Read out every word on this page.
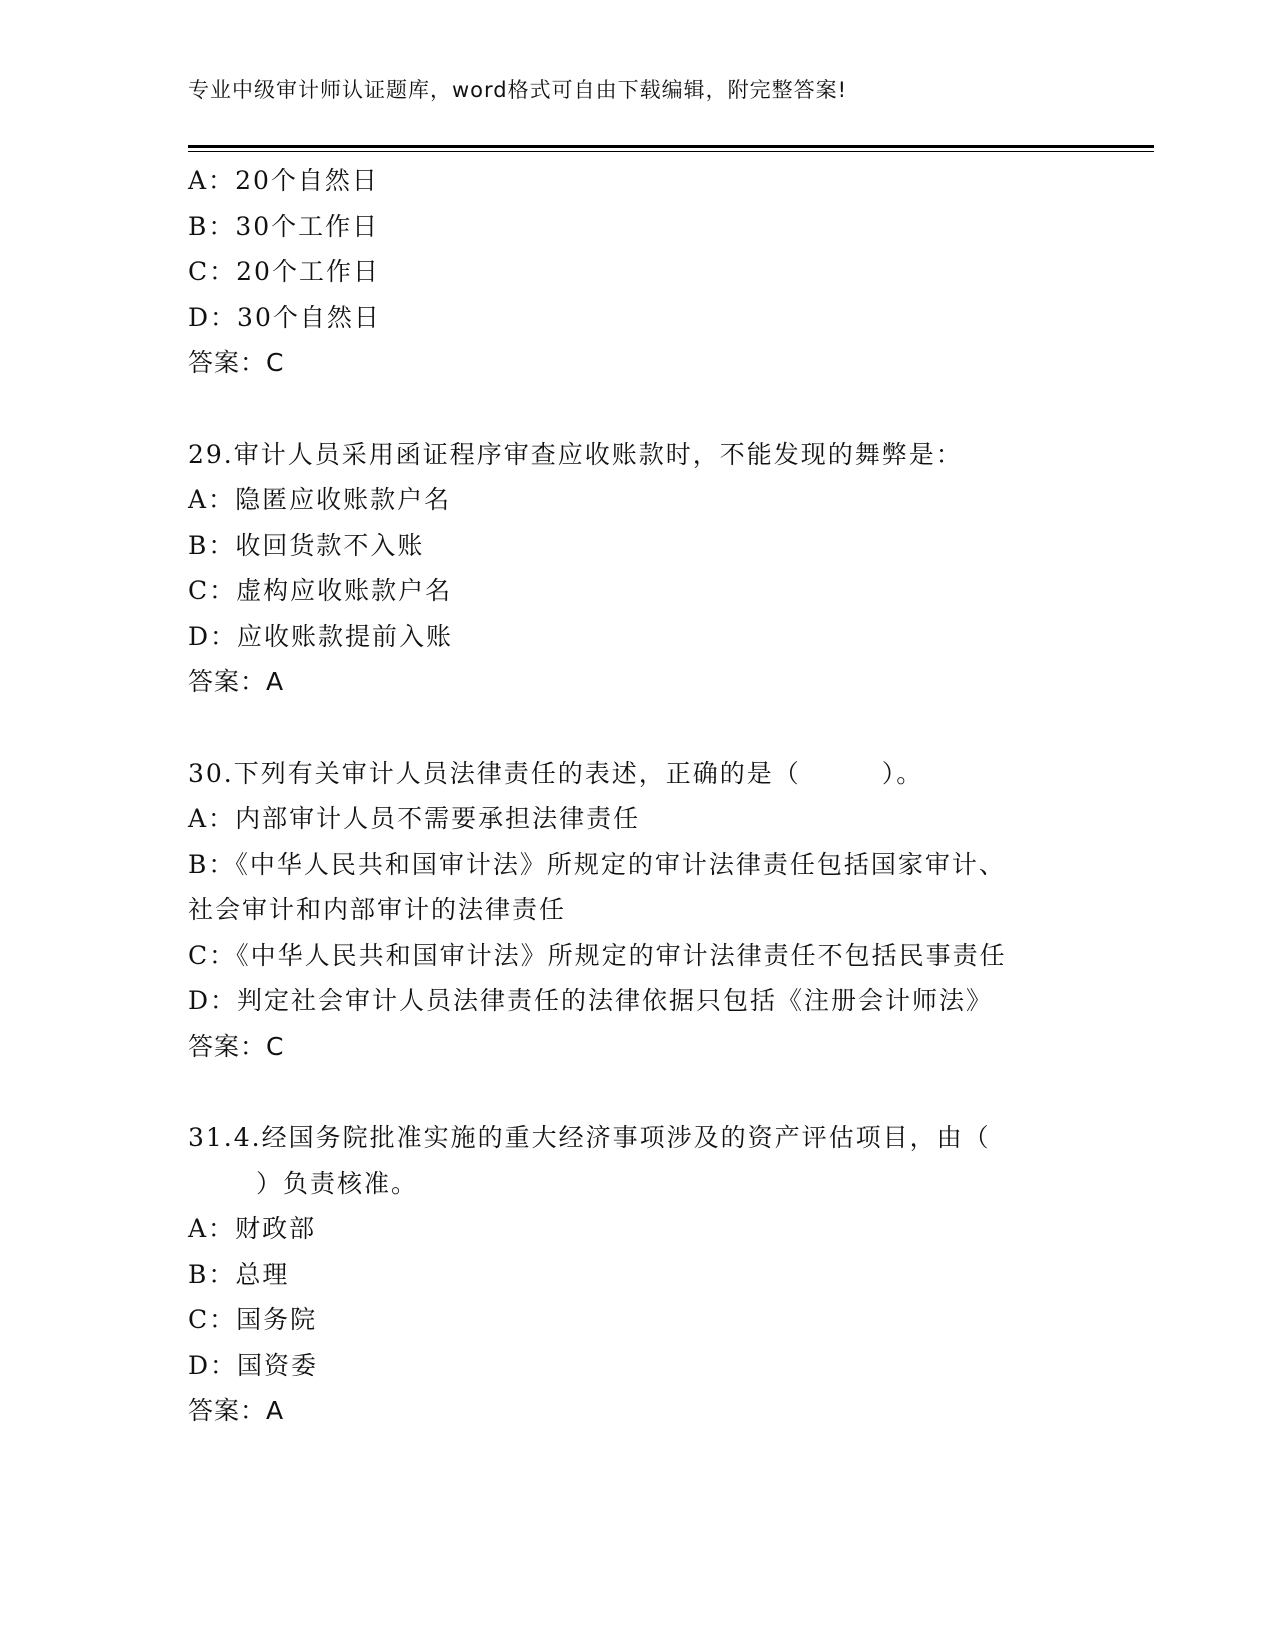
专业中级审计师认证题库，word格式可自由下载编辑，附完整答案!
A：20个自然日
B：30个工作日
C：20个工作日
D：30个自然日
答案：C
29.审计人员采用函证程序审查应收账款时，不能发现的舞弊是：
A：隐匿应收账款户名
B：收回货款不入账
C：虚构应收账款户名
D：应收账款提前入账
答案：A
30.下列有关审计人员法律责任的表述，正确的是（　　　）。
A：内部审计人员不需要承担法律责任
B：《中华人民共和国审计法》所规定的审计法律责任包括国家审计、
社会审计和内部审计的法律责任
C：《中华人民共和国审计法》所规定的审计法律责任不包括民事责任
D：判定社会审计人员法律责任的法律依据只包括《注册会计师法》
答案：C
31.4.经国务院批准实施的重大经济事项涉及的资产评估项目，由（
）负责核准。
A：财政部
B：总理
C：国务院
D：国资委
答案：A
